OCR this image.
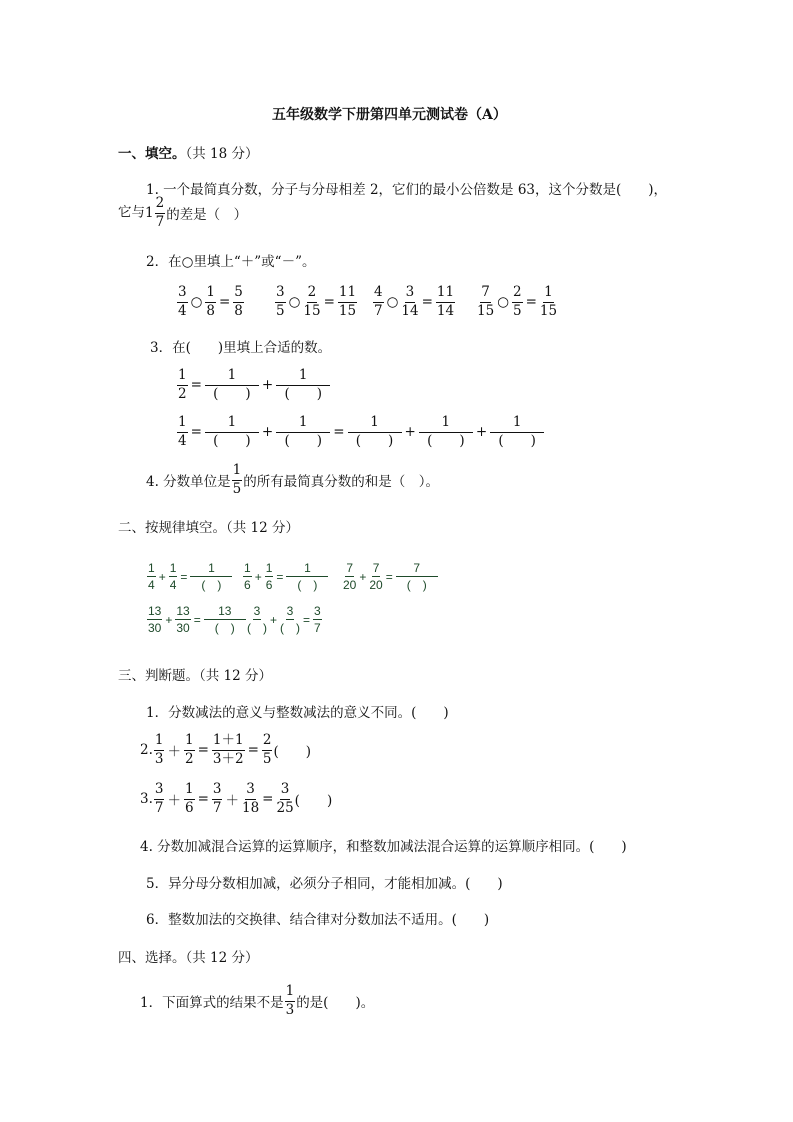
五年级数学下册第四单元测试卷（A）
一、填空。（共 18 分）
1. 一个最简真分数，分子与分母相差 2，它们的最小公倍数是 63，这个分数是(　　)，
它与$1 \frac{2}{7}$ 的差是（　）
2．在○里填上“＋”或“－”。
$\frac{3}{4}$ ○ $\frac{1}{8} = \frac{5}{8} \frac{3}{5}$ ○ $\frac{2}{15} = \frac{11}{15} \frac{4}{7}$ ○ $\frac{3}{14} = \frac{11}{14} \frac{7}{15}$ ○ $\frac{2}{5} = \frac{1}{15}$
3．在(　　)里填上合适的数。
$\frac{1}{2} = \frac{1}{( )} + \frac{1}{( )}$
$\frac{1}{4} = \frac{1}{( )} + \frac{1}{( )} = \frac{1}{( )} + \frac{1}{( )} + \frac{1}{( )}$
4. 分数单位是 $\frac{1}{5}$ 的所有最简真分数的和是（　）。
二、按规律填空。（共 12 分）
$\frac{1}{4} + \frac{1}{4} = \frac{1}{( )} \frac{1}{6} + \frac{1}{6} = \frac{1}{( )} \frac{7}{20} + \frac{7}{20} = \frac{7}{( )}$
$\frac{13}{30} + \frac{13}{30} = \frac{13}{( )} \frac{3}{( )} + \frac{3}{( )} = \frac{3}{7}$
三、判断题。（共 12 分）
1．分数减法的意义与整数减法的意义不同。(　　)
2. $\frac{1}{3} + \frac{1}{2} = \frac{1+1}{3+2} = \frac{2}{5}$ (　　)
3. $\frac{3}{7} + \frac{1}{6} = \frac{3}{7} + \frac{3}{18} = \frac{3}{25}$ (　　)
4. 分数加减混合运算的运算顺序，和整数加减法混合运算的运算顺序相同。(　　)
5．异分母分数相加减，必须分子相同，才能相加减。(　　)
6．整数加法的交换律、结合律对分数加法不适用。(　　)
四、选择。（共 12 分）
1．下面算式的结果不是 $\frac{1}{3}$ 的是(　　)。
